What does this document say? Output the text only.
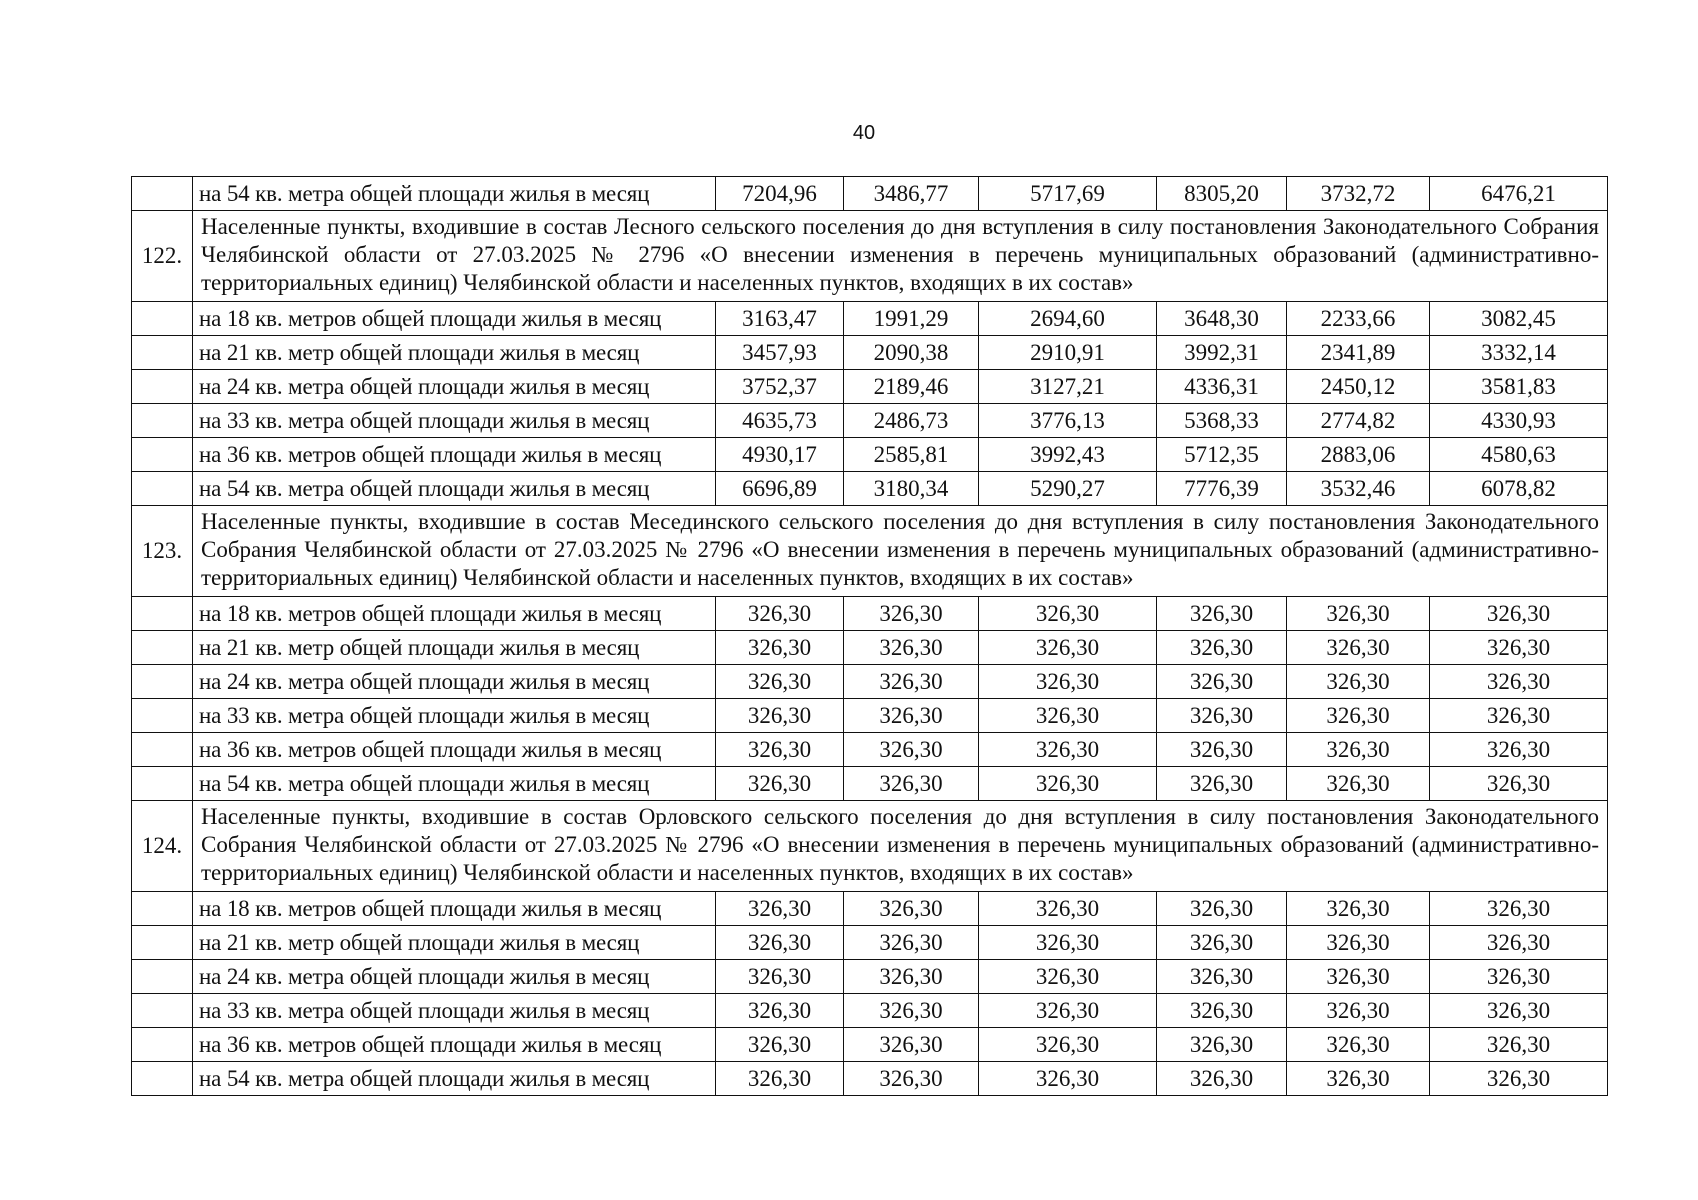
40
	на 54 кв. метра общей площади жилья в месяц	7204,96	3486,77	5717,69	8305,20	3732,72	6476,21
122.	Населенные пункты, входившие в состав Лесного сельского поселения до дня вступления в силу постановления Законодательного Собрания Челябинской области от 27.03.2025 № 2796 «О внесении изменения в перечень муниципальных образований (административно-территориальных единиц) Челябинской области и населенных пунктов, входящих в их состав»						
	на 18 кв. метров общей площади жилья в месяц	3163,47	1991,29	2694,60	3648,30	2233,66	3082,45
	на 21 кв. метр общей площади жилья в месяц	3457,93	2090,38	2910,91	3992,31	2341,89	3332,14
	на 24 кв. метра общей площади жилья в месяц	3752,37	2189,46	3127,21	4336,31	2450,12	3581,83
	на 33 кв. метра общей площади жилья в месяц	4635,73	2486,73	3776,13	5368,33	2774,82	4330,93
	на 36 кв. метров общей площади жилья в месяц	4930,17	2585,81	3992,43	5712,35	2883,06	4580,63
	на 54 кв. метра общей площади жилья в месяц	6696,89	3180,34	5290,27	7776,39	3532,46	6078,82
123.	Населенные пункты, входившие в состав Месединского сельского поселения до дня вступления в силу постановления Законодательного Собрания Челябинской области от 27.03.2025 № 2796 «О внесении изменения в перечень муниципальных образований (административно-территориальных единиц) Челябинской области и населенных пунктов, входящих в их состав»						
	на 18 кв. метров общей площади жилья в месяц	326,30	326,30	326,30	326,30	326,30	326,30
	на 21 кв. метр общей площади жилья в месяц	326,30	326,30	326,30	326,30	326,30	326,30
	на 24 кв. метра общей площади жилья в месяц	326,30	326,30	326,30	326,30	326,30	326,30
	на 33 кв. метра общей площади жилья в месяц	326,30	326,30	326,30	326,30	326,30	326,30
	на 36 кв. метров общей площади жилья в месяц	326,30	326,30	326,30	326,30	326,30	326,30
	на 54 кв. метра общей площади жилья в месяц	326,30	326,30	326,30	326,30	326,30	326,30
124.	Населенные пункты, входившие в состав Орловского сельского поселения до дня вступления в силу постановления Законодательного Собрания Челябинской области от 27.03.2025 № 2796 «О внесении изменения в перечень муниципальных образований (административно-территориальных единиц) Челябинской области и населенных пунктов, входящих в их состав»						
	на 18 кв. метров общей площади жилья в месяц	326,30	326,30	326,30	326,30	326,30	326,30
	на 21 кв. метр общей площади жилья в месяц	326,30	326,30	326,30	326,30	326,30	326,30
	на 24 кв. метра общей площади жилья в месяц	326,30	326,30	326,30	326,30	326,30	326,30
	на 33 кв. метра общей площади жилья в месяц	326,30	326,30	326,30	326,30	326,30	326,30
	на 36 кв. метров общей площади жилья в месяц	326,30	326,30	326,30	326,30	326,30	326,30
	на 54 кв. метра общей площади жилья в месяц	326,30	326,30	326,30	326,30	326,30	326,30
